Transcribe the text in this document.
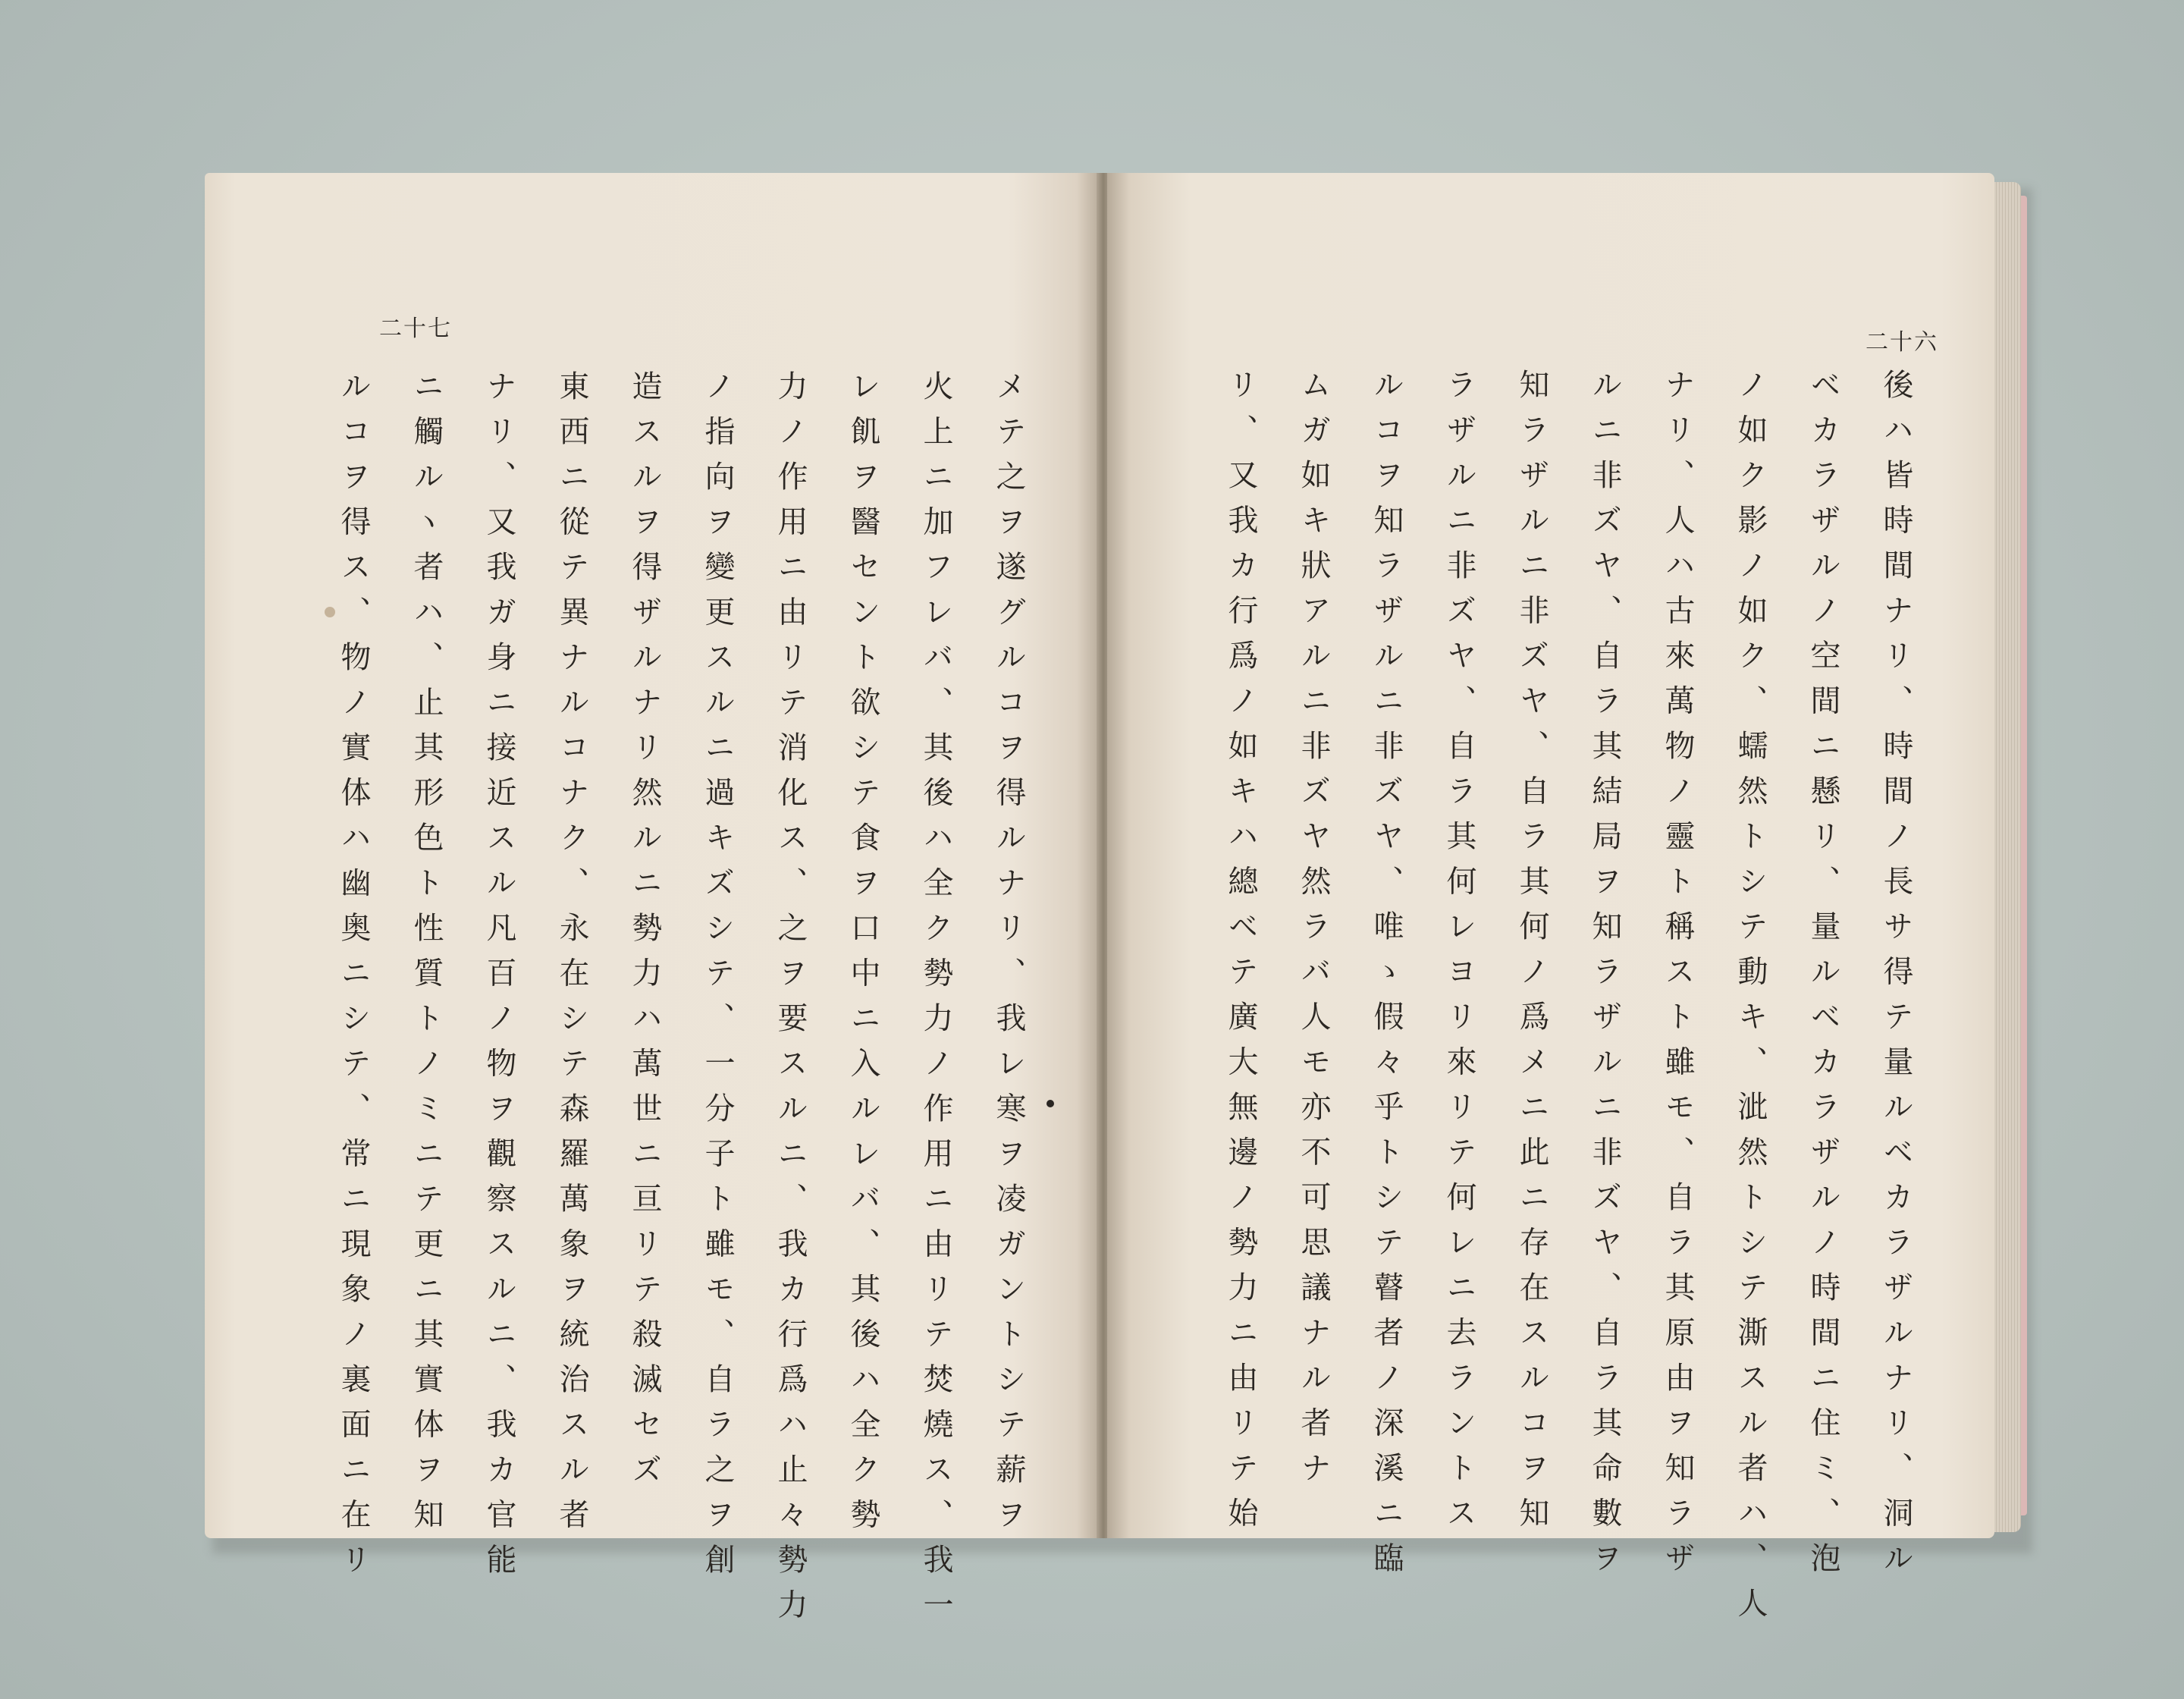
二十七
メテ之ヲ遂グルコヲ得ルナリ、我レ寒ヲ凌ガントシテ薪ヲ
火上ニ加フレバ、其後ハ全ク勢力ノ作用ニ由リテ焚燒ス、我一
レ飢ヲ醫セント欲シテ食ヲ口中ニ入ルレバ、其後ハ全ク勢
力ノ作用ニ由リテ消化ス、之ヲ要スルニ、我カ行爲ハ止々勢力
ノ指向ヲ變更スルニ過キズシテ、一分子ト雖モ、自ラ之ヲ創
造スルヲ得ザルナリ然ルニ勢力ハ萬世ニ亘リテ殺滅セズ
東西ニ從テ異ナルコナク、永在シテ森羅萬象ヲ統治スル者
ナリ、又我ガ身ニ接近スル凡百ノ物ヲ觀察スルニ、我カ官能
ニ觸ルヽ者ハ、止其形色ト性質トノミニテ更ニ其實体ヲ知
ルコヲ得ス、物ノ實体ハ幽奥ニシテ、常ニ現象ノ裏面ニ在リ
二十六
後ハ皆時間ナリ、時間ノ長サ得テ量ルベカラザルナリ、洞ル
ベカラザルノ空間ニ懸リ、量ルベカラザルノ時間ニ住ミ、泡
ノ如ク影ノ如ク、蠕然トシテ動キ、泚然トシテ澌スル者ハ、人
ナリ、人ハ古來萬物ノ靈ト稱スト雖モ、自ラ其原由ヲ知ラザ
ルニ非ズヤ、自ラ其結局ヲ知ラザルニ非ズヤ、自ラ其命數ヲ
知ラザルニ非ズヤ、自ラ其何ノ爲メニ此ニ存在スルコヲ知
ラザルニ非ズヤ、自ラ其何レヨリ來リテ何レニ去ラントス
ルコヲ知ラザルニ非ズヤ、唯ゝ假々乎トシテ瞽者ノ深溪ニ臨
ムガ如キ狀アルニ非ズヤ然ラバ人モ亦不可思議ナル者ナ
リ、又我カ行爲ノ如キハ總ベテ廣大無邊ノ勢力ニ由リテ始
